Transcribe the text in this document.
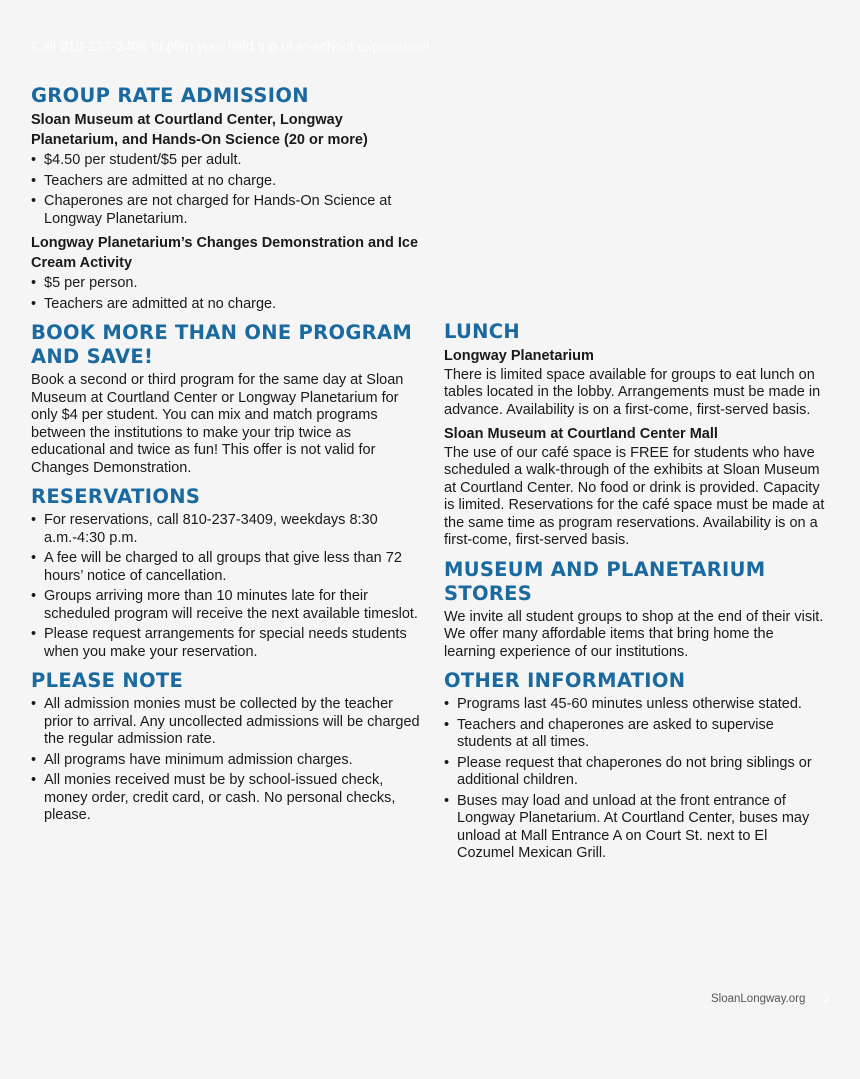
Call 810-237-3409 to plan your field trip or in-school experience!
GROUP RATE ADMISSION
Sloan Museum at Courtland Center, Longway Planetarium, and Hands-On Science (20 or more)
• $4.50 per student/$5 per adult.
• Teachers are admitted at no charge.
• Chaperones are not charged for Hands-On Science at Longway Planetarium.
Longway Planetarium’s Changes Demonstration and Ice Cream Activity
• $5 per person.
• Teachers are admitted at no charge.
BOOK MORE THAN ONE PROGRAM AND SAVE!

Book a second or third program for the same day at Sloan Museum at Courtland Center or Longway Planetarium for only $4 per student. You can mix and match programs between the institutions to make your trip twice as educational and twice as fun! This offer is not valid for Changes Demonstration.

RESERVATIONS
• For reservations, call 810-237-3409, weekdays 8:30 a.m.-4:30 p.m.
• A fee will be charged to all groups that give less than 72 hours’ notice of cancellation.
• Groups arriving more than 10 minutes late for their scheduled program will receive the next available timeslot.
• Please request arrangements for special needs students when you make your reservation.
PLEASE NOTE
• All admission monies must be collected by the teacher prior to arrival. Any uncollected admissions will be charged the regular admission rate.
• All programs have minimum admission charges.
• All monies received must be by school-issued check, money order, credit card, or cash. No personal checks, please.
LUNCH
Longway Planetarium

There is limited space available for groups to eat lunch on tables located in the lobby. Arrangements must be made in advance. Availability is on a first-come, first-served basis.

Sloan Museum at Courtland Center Mall

The use of our café space is FREE for students who have scheduled a walk-through of the exhibits at Sloan Museum at Courtland Center. No food or drink is provided. Capacity is limited. Reservations for the café space must be made at the same time as program reservations. Availability is on a first-come, first-served basis.

MUSEUM AND PLANETARIUM STORES

We invite all student groups to shop at the end of their visit. We offer many affordable items that bring home the learning experience of our institutions.

OTHER INFORMATION
• Programs last 45-60 minutes unless otherwise stated.
• Teachers and chaperones are asked to supervise students at all times.
• Please request that chaperones do not bring siblings or additional children.
• Buses may load and unload at the front entrance of Longway Planetarium. At Courtland Center, buses may unload at Mall Entrance A on Court St. next to El Cozumel Mexican Grill.
SloanLongway.org 3
